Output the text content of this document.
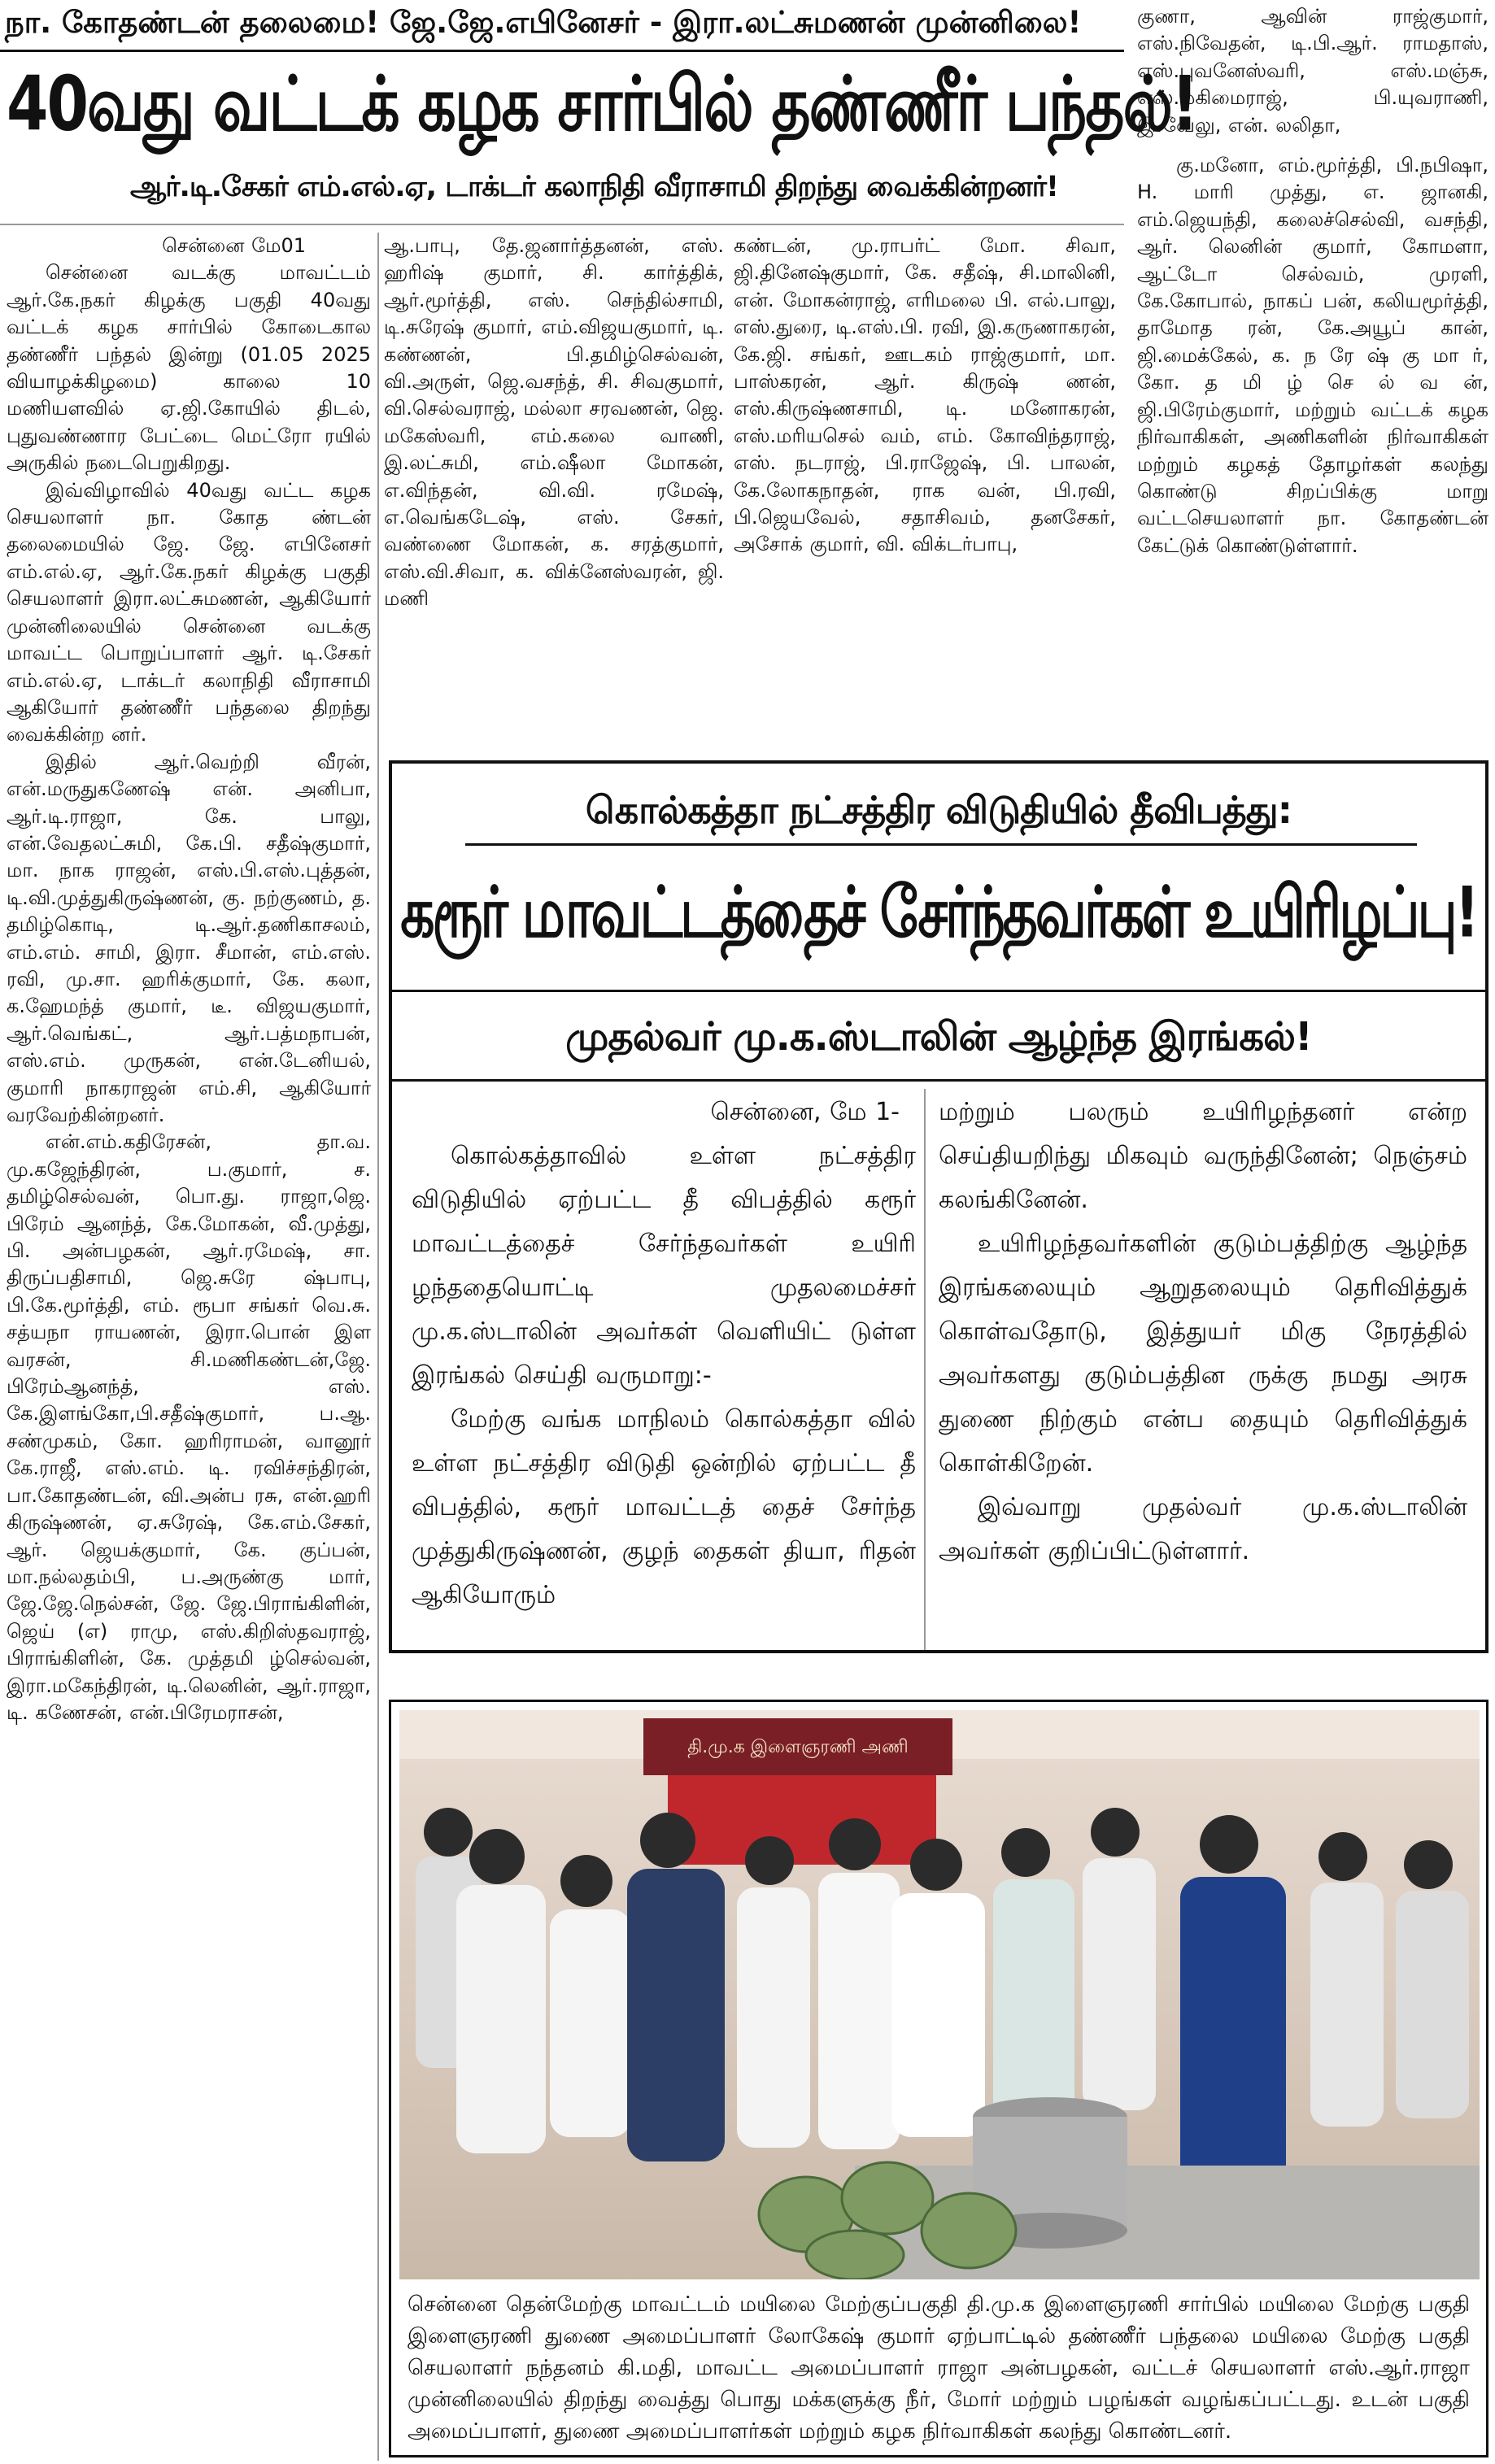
நா. கோதண்டன் தலைமை! ஜே.ஜே.எபினேசர் - இரா.லட்சுமணன் முன்னிலை!
40வது வட்டக் கழக சார்பில் தண்ணீர் பந்தல்!
ஆர்.டி.சேகர் எம்.எல்.ஏ, டாக்டர் கலாநிதி வீராசாமி திறந்து வைக்கின்றனர்!

சென்னை மே01

சென்னை வடக்கு மாவட்டம் ஆர்.கே.நகர் கிழக்கு பகுதி 40வது வட்டக் கழக சார்பில் கோடைகால தண்ணீர் பந்தல் இன்று (01.05 2025 வியாழக்கிழமை) காலை 10 மணியளவில் ஏ.ஜி.கோயில் திடல், புதுவண்ணார பேட்டை மெட்ரோ ரயில் அருகில் நடைபெறுகிறது.

இவ்விழாவில் 40வது வட்ட கழக செயலாளர் நா. கோத ண்டன் தலைமையில் ஜே. ஜே. எபினேசர் எம்.எல்.ஏ, ஆர்.கே.நகர் கிழக்கு பகுதி செயலாளர் இரா.லட்சுமணன், ஆகியோர் முன்னிலையில் சென்னை வடக்கு மாவட்ட பொறுப்பாளர் ஆர். டி.சேகர் எம்.எல்.ஏ, டாக்டர் கலாநிதி வீராசாமி ஆகியோர் தண்ணீர் பந்தலை திறந்து வைக்கின்ற னர்.

இதில் ஆர்.வெற்றி வீரன், என்.மருதுகணேஷ் என். அனிபா, ஆர்.டி.ராஜா, கே. பாலு, என்.வேதலட்சுமி, கே.பி. சதீஷ்குமார், மா. நாக ராஜன், எஸ்.பி.எஸ்.புத்தன், டி.வி.முத்துகிருஷ்ணன், கு. நற்குணம், த. தமிழ்கொடி, டி.ஆர்.தணிகாசலம், எம்.எம். சாமி, இரா. சீமான், எம்.எஸ். ரவி, மு.சா. ஹரிக்குமார், கே. கலா, க.ஹேமந்த் குமார், டீ. விஜயகுமார், ஆர்.வெங்கட், ஆர்.பத்மநாபன், எஸ்.எம். முருகன், என்.டேனியல், குமாரி நாகராஜன் எம்.சி, ஆகியோர் வரவேற்கின்றனர்.

என்.எம்.கதிரேசன், தா.வ. மு.கஜேந்திரன், ப.குமார், ச. தமிழ்செல்வன், பொ.து. ராஜா,ஜெ. பிரேம் ஆனந்த், கே.மோகன், வீ.முத்து, பி. அன்பழகன், ஆர்.ரமேஷ், சா. திருப்பதிசாமி, ஜெ.சுரே ஷ்பாபு, பி.கே.மூர்த்தி, எம். ரூபா சங்கர் வெ.சு. சத்யநா ராயணன், இரா.பொன் இள வரசன், சி.மணிகண்டன்,ஜே. பிரேம்ஆனந்த், எஸ். கே.இளங்கோ,பி.சதீஷ்குமார், ப.ஆ. சண்முகம், கோ. ஹரிராமன், வானூர் கே.ராஜீ, எஸ்.எம். டி. ரவிச்சந்திரன், பா.கோதண்டன், வி.அன்ப ரசு, என்.ஹரி கிருஷ்ணன், ஏ.சுரேஷ், கே.எம்.சேகர், ஆர். ஜெயக்குமார், கே. குப்பன், மா.நல்லதம்பி, ப.அருண்கு மார், ஜே.ஜே.நெல்சன், ஜே. ஜே.பிராங்கிளின், ஜெய் (எ) ராமு, எஸ்.கிறிஸ்தவராஜ், பிராங்கிளின், கே. முத்தமி ழ்செல்வன், இரா.மகேந்திரன், டி.லெனின், ஆர்.ராஜா, டி. கணேசன், என்.பிரேமராசன்,

ஆ.பாபு, தே.ஜனார்த்தனன், எஸ். ஹரிஷ் குமார், சி. கார்த்திக், ஆர்.மூர்த்தி, எஸ். செந்தில்சாமி, டி.சுரேஷ் குமார், எம்.விஜயகுமார், டி. கண்ணன், பி.தமிழ்செல்வன், வி.அருள், ஜெ.வசந்த், சி. சிவகுமார், வி.செல்வராஜ், மல்லா சரவணன், ஜெ. மகேஸ்வரி, எம்.கலை வாணி, இ.லட்சுமி, எம்.ஷீலா மோகன், எ.விந்தன், வி.வி. ரமேஷ், எ.வெங்கடேஷ், எஸ். சேகர், வண்ணை மோகன், க. சரத்குமார், எஸ்.வி.சிவா, க. விக்னேஸ்வரன், ஜி. மணி

கண்டன், மு.ராபர்ட் மோ. சிவா, ஜி.தினேஷ்குமார், கே. சதீஷ், சி.மாலினி, என். மோகன்ராஜ், எரிமலை பி. எல்.பாலு, எஸ்.துரை, டி.எஸ்.பி. ரவி, இ.கருணாகரன், கே.ஜி. சங்கர், ஊடகம் ராஜ்குமார், மா. பாஸ்கரன், ஆர். கிருஷ் ணன், எஸ்.கிருஷ்ணசாமி, டி. மனோகரன், எஸ்.மரியசெல் வம், எம். கோவிந்தராஜ், எஸ். நடராஜ், பி.ராஜேஷ், பி. பாலன், கே.லோகநாதன், ராக வன், பி.ரவி, பி.ஜெயவேல், சதாசிவம், தனசேகர், அசோக் குமார், வி. விக்டர்பாபு,

குணா, ஆவின் ராஜ்குமார், எஸ்.நிவேதன், டி.பி.ஆர். ராமதாஸ், எஸ்.புவனேஸ்வரி, எஸ்.மஞ்சு, எஸ்.மகிமைராஜ், பி.யுவராணி, இ.வேலு, என். லலிதா,

கு.மனோ, எம்.மூர்த்தி, பி.நபிஷா, H. மாரி முத்து, எ. ஜானகி, எம்.ஜெயந்தி, கலைச்செல்வி, வசந்தி, ஆர். லெனின் குமார், கோமளா, ஆட்டோ செல்வம், முரளி, கே.கோபால், நாகப் பன், கலியமூர்த்தி, தாமோத ரன், கே.அயூப் கான், ஜி.மைக்கேல், க. ந ரே ஷ் கு மா ர், கோ. த மி ழ் செ ல் வ ன், ஜி.பிரேம்குமார், மற்றும் வட்டக் கழக நிர்வாகிகள், அணிகளின் நிர்வாகிகள் மற்றும் கழகத் தோழர்கள் கலந்து கொண்டு சிறப்பிக்கு மாறு வட்டசெயலாளர் நா. கோதண்டன் கேட்டுக் கொண்டுள்ளார்.

கொல்கத்தா நட்சத்திர விடுதியில் தீவிபத்து:
கரூர் மாவட்டத்தைச் சேர்ந்தவர்கள் உயிரிழப்பு!
முதல்வர் மு.க.ஸ்டாலின் ஆழ்ந்த இரங்கல்!

சென்னை, மே 1-

கொல்கத்தாவில் உள்ள நட்சத்திர விடுதியில் ஏற்பட்ட தீ விபத்தில் கரூர் மாவட்டத்தைச் சேர்ந்தவர்கள் உயிரி ழந்ததையொட்டி முதலமைச்சர் மு.க.ஸ்டாலின் அவர்கள் வெளியிட் டுள்ள இரங்கல் செய்தி வருமாறு:-

மேற்கு வங்க மாநிலம் கொல்கத்தா வில் உள்ள நட்சத்திர விடுதி ஒன்றில் ஏற்பட்ட தீ விபத்தில், கரூர் மாவட்டத் தைச் சேர்ந்த முத்துகிருஷ்ணன், குழந் தைகள் தியா, ரிதன் ஆகியோரும்

மற்றும் பலரும் உயிரிழந்தனர் என்ற செய்தியறிந்து மிகவும் வருந்தினேன்; நெஞ்சம் கலங்கினேன்.

உயிரிழந்தவர்களின் குடும்பத்திற்கு ஆழ்ந்த இரங்கலையும் ஆறுதலையும் தெரிவித்துக் கொள்வதோடு, இத்துயர் மிகு நேரத்தில் அவர்களது குடும்பத்தின ருக்கு நமது அரசு துணை நிற்கும் என்ப தையும் தெரிவித்துக் கொள்கிறேன்.

இவ்வாறு முதல்வர் மு.க.ஸ்டாலின் அவர்கள் குறிப்பிட்டுள்ளார்.

தி.மு.க இளைஞரணி அணி
சென்னை தென்மேற்கு மாவட்டம் மயிலை மேற்குப்பகுதி தி.மு.க இளைஞரணி சார்பில் மயிலை மேற்கு பகுதி இளைஞரணி துணை அமைப்பாளர் லோகேஷ் குமார் ஏற்பாட்டில் தண்ணீர் பந்தலை மயிலை மேற்கு பகுதி செயலாளர் நந்தனம் கி.மதி, மாவட்ட அமைப்பாளர் ராஜா அன்பழகன், வட்டச் செயலாளர் எஸ்.ஆர்.ராஜா முன்னிலையில் திறந்து வைத்து பொது மக்களுக்கு நீர், மோர் மற்றும் பழங்கள் வழங்கப்பட்டது. உடன் பகுதி அமைப்பாளர், துணை அமைப்பாளர்கள் மற்றும் கழக நிர்வாகிகள் கலந்து கொண்டனர்.
